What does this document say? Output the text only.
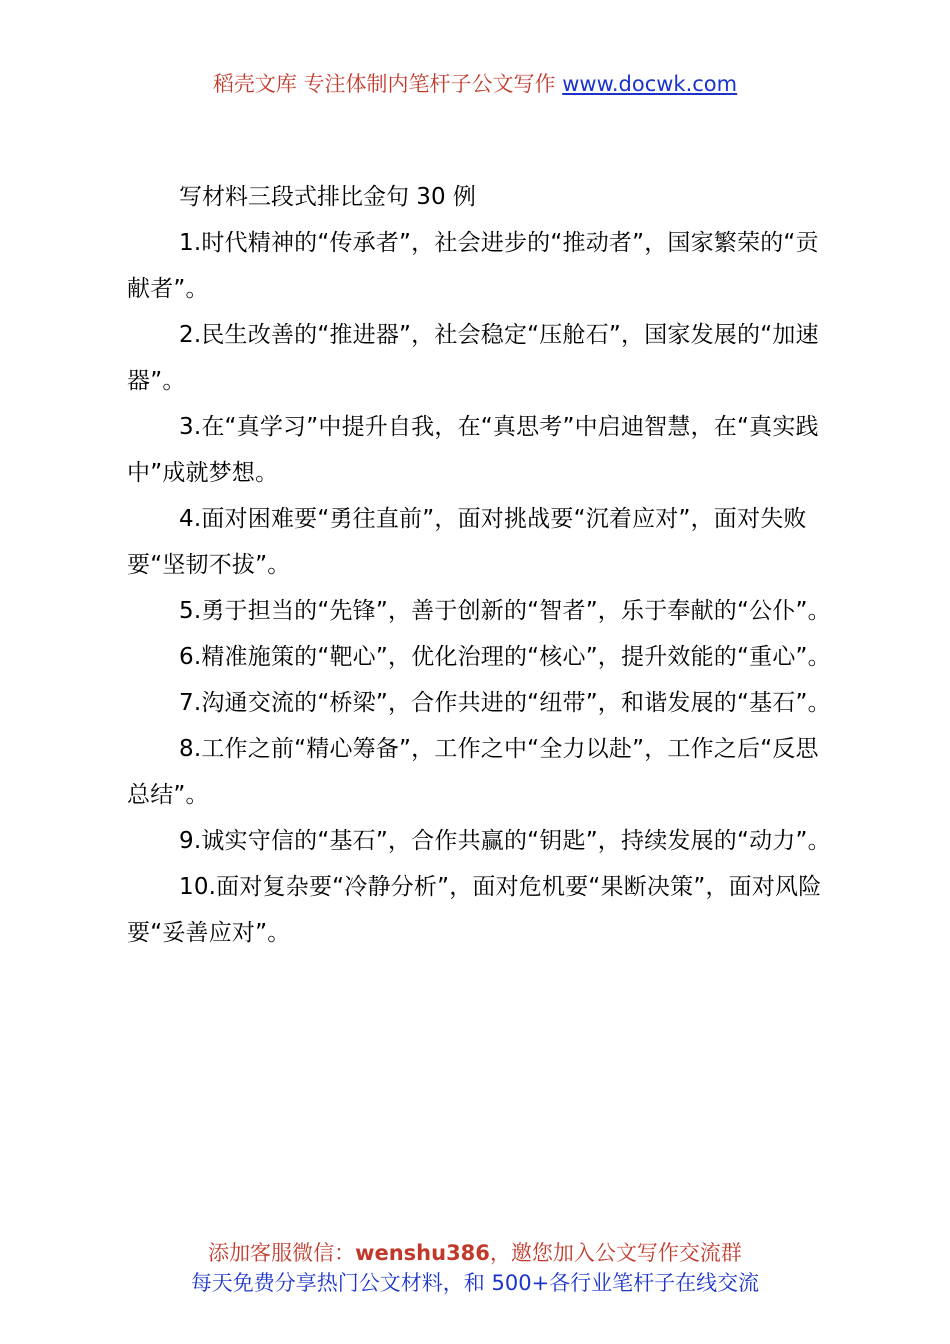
稻壳文库 专注体制内笔杆子公文写作 www.docwk.com

写材料三段式排比金句 30 例

1.时代精神的“传承者”，社会进步的“推动者”，国家繁荣的“贡献者”。

2.民生改善的“推进器”，社会稳定“压舱石”，国家发展的“加速器”。

3.在“真学习”中提升自我，在“真思考”中启迪智慧，在“真实践中”成就梦想。

4.面对困难要“勇往直前”，面对挑战要“沉着应对”，面对失败要“坚韧不拔”。

5.勇于担当的“先锋”，善于创新的“智者”，乐于奉献的“公仆”。

6.精准施策的“靶心”，优化治理的“核心”，提升效能的“重心”。

7.沟通交流的“桥梁”，合作共进的“纽带”，和谐发展的“基石”。

8.工作之前“精心筹备”，工作之中“全力以赴”，工作之后“反思总结”。

9.诚实守信的“基石”，合作共赢的“钥匙”，持续发展的“动力”。

10.面对复杂要“冷静分析”，面对危机要“果断决策”，面对风险要“妥善应对”。

添加客服微信：wenshu386，邀您加入公文写作交流群
每天免费分享热门公文材料，和 500+各行业笔杆子在线交流
